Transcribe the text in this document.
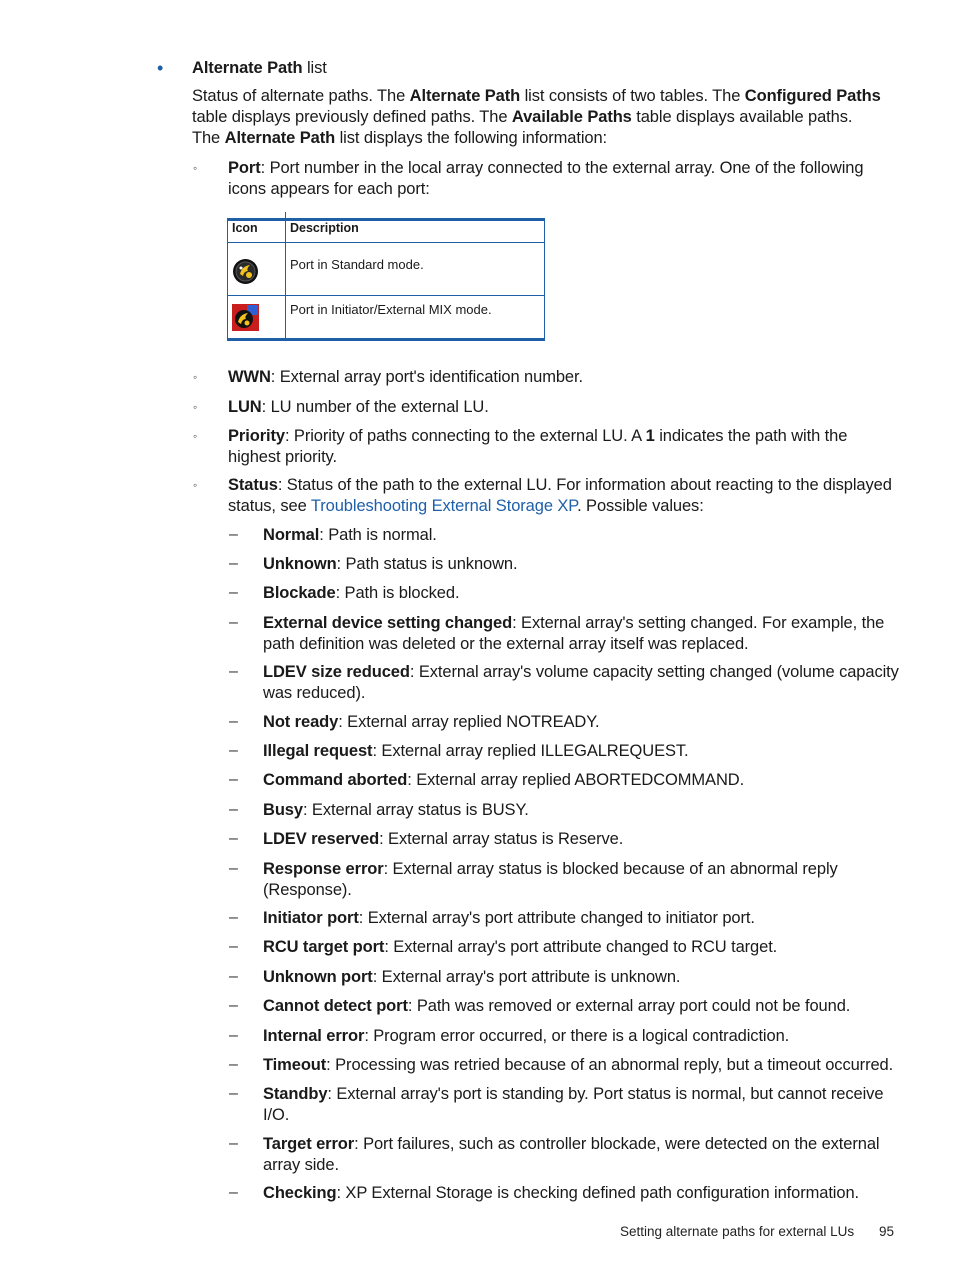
• Alternate Path list
Status of alternate paths. The Alternate Path list consists of two tables. The Configured Paths
table displays previously defined paths. The Available Paths table displays available paths.
The Alternate Path list displays the following information:
◦ Port: Port number in the local array connected to the external array. One of the following
icons appears for each port:
Icon	Description
Port in Standard mode.
Port in Initiator/External MIX mode.
◦ WWN: External array port's identification number.
◦ LUN: LU number of the external LU.
◦ Priority: Priority of paths connecting to the external LU. A 1 indicates the path with the
highest priority.
◦ Status: Status of the path to the external LU. For information about reacting to the displayed
status, see Troubleshooting External Storage XP. Possible values:
– Normal: Path is normal.
– Unknown: Path status is unknown.
– Blockade: Path is blocked.
– External device setting changed: External array's setting changed. For example, the
path definition was deleted or the external array itself was replaced.
– LDEV size reduced: External array's volume capacity setting changed (volume capacity
was reduced).
– Not ready: External array replied NOTREADY.
– Illegal request: External array replied ILLEGALREQUEST.
– Command aborted: External array replied ABORTEDCOMMAND.
– Busy: External array status is BUSY.
– LDEV reserved: External array status is Reserve.
– Response error: External array status is blocked because of an abnormal reply
(Response).
– Initiator port: External array's port attribute changed to initiator port.
– RCU target port: External array's port attribute changed to RCU target.
– Unknown port: External array's port attribute is unknown.
– Cannot detect port: Path was removed or external array port could not be found.
– Internal error: Program error occurred, or there is a logical contradiction.
– Timeout: Processing was retried because of an abnormal reply, but a timeout occurred.
– Standby: External array's port is standing by. Port status is normal, but cannot receive
I/O.
– Target error: Port failures, such as controller blockade, were detected on the external
array side.
– Checking: XP External Storage is checking defined path configuration information.
Setting alternate paths for external LUs 95
